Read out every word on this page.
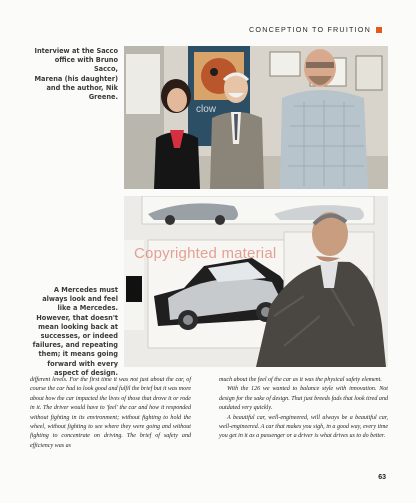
CONCEPTION TO FRUITION
Interview at the Sacco
office with Bruno Sacco,
Marena (his daughter)
and the author, Nik
Greene.
clow
Copyrighted material
A Mercedes must
always look and feel
like a Mercedes.
However, that doesn't
mean looking back at
successes, or indeed
failures, and repeating
them; it means going
forward with every
aspect of design.

different levels. For the first time it was not just about the car, of course the car had to look good and fulfil the brief but it was more about how the car impacted the lives of those that drove it or rode in it. The driver would have to 'feel' the car and how it responded without fighting in its environment; without fighting to hold the wheel, without fighting to see where they were going and without fighting to concentrate on driving. The brief of safety and efficiency was as

much about the feel of the car as it was the physical safety element.

With the 126 we wanted to balance style with innovation. Not design for the sake of design. That just breeds fads that look tired and outdated very quickly.

A beautiful car, well-engineered, will always be a beautiful car, well-engineered. A car that makes you sigh, in a good way, every time you get in it as a passenger or a driver is what drives us to do better.

63
